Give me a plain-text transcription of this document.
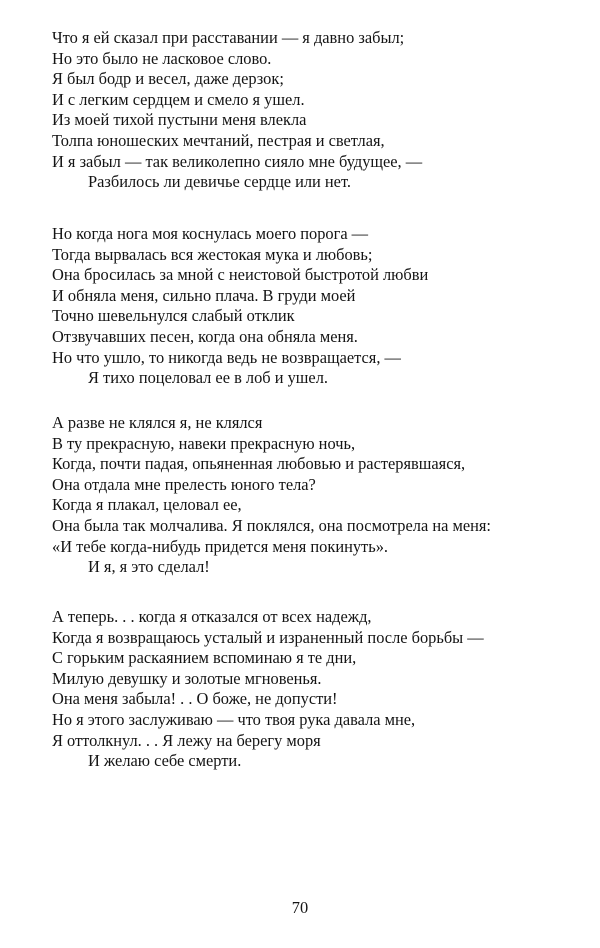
Что я ей сказал при расставании — я давно забыл;
Но это было не ласковое слово.
Я был бодр и весел, даже дерзок;
И с легким сердцем и смело я ушел.
Из моей тихой пустыни меня влекла
Толпа юношеских мечтаний, пестрая и светлая,
И я забыл — так великолепно сияло мне будущее, —
Разбилось ли девичье сердце или нет.
Но когда нога моя коснулась моего порога —
Тогда вырвалась вся жестокая мука и любовь;
Она бросилась за мной с неистовой быстротой любви
И обняла меня, сильно плача. В груди моей
Точно шевельнулся слабый отклик
Отзвучавших песен, когда она обняла меня.
Но что ушло, то никогда ведь не возвращается, —
Я тихо поцеловал ее в лоб и ушел.
А разве не клялся я, не клялся
В ту прекрасную, навеки прекрасную ночь,
Когда, почти падая, опьяненная любовью и растерявшаяся,
Она отдала мне прелесть юного тела?
Когда я плакал, целовал ее,
Она была так молчалива. Я поклялся, она посмотрела на меня:
«И тебе когда-нибудь придется меня покинуть».
И я, я это сделал!
А теперь. . . когда я отказался от всех надежд,
Когда я возвращаюсь усталый и израненный после борьбы —
С горьким раскаянием вспоминаю я те дни,
Милую девушку и золотые мгновенья.
Она меня забыла! . . О боже, не допусти!
Но я этого заслуживаю — что твоя рука давала мне,
Я оттолкнул. . . Я лежу на берегу моря
И желаю себе смерти.
70
